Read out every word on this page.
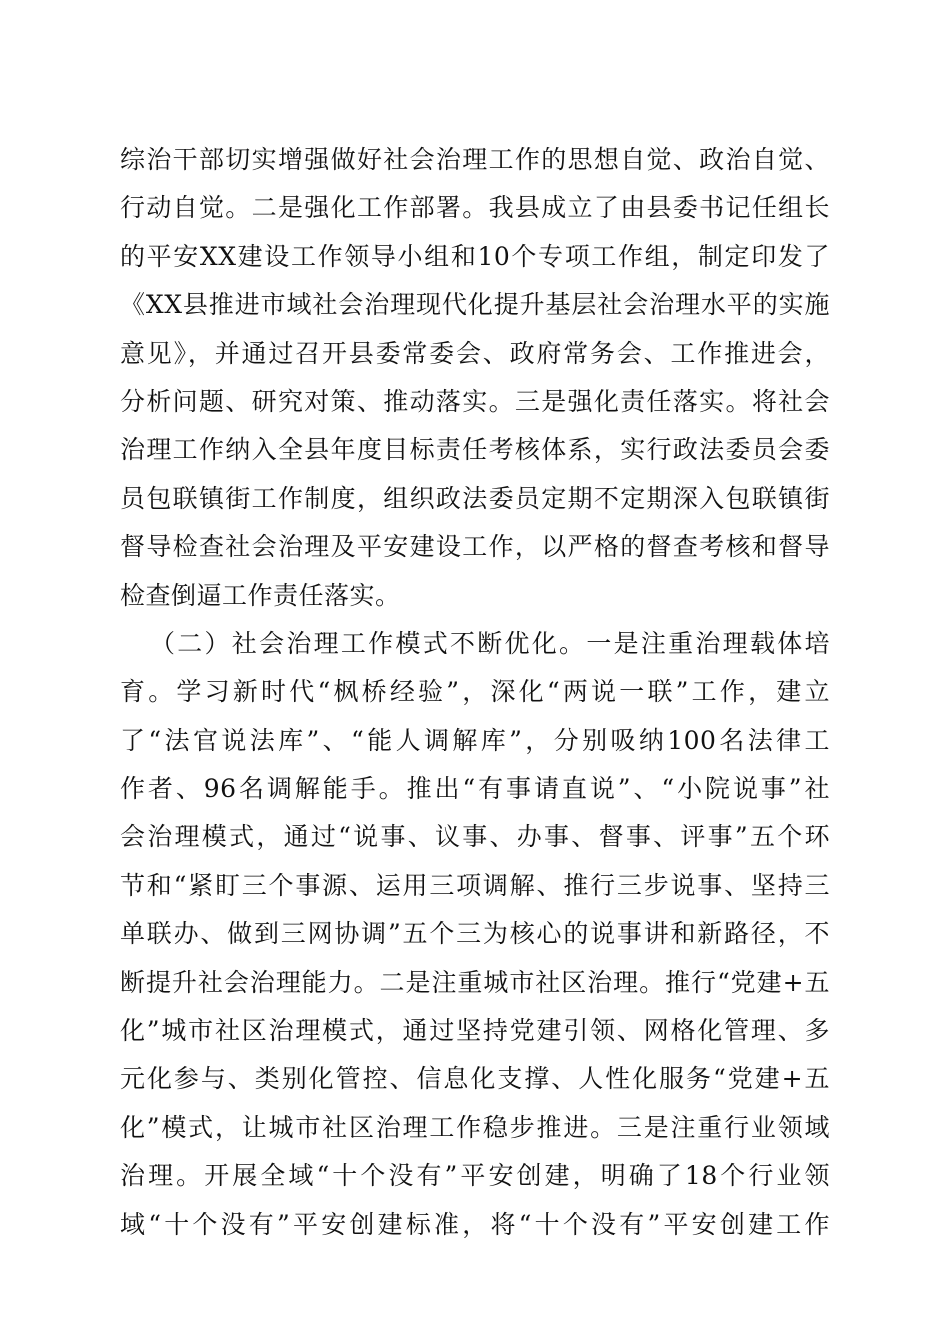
综治干部切实增强做好社会治理工作的思想自觉、政治自觉、
行动自觉。二是强化工作部署。我县成立了由县委书记任组长
的平安XX建设工作领导小组和10个专项工作组，制定印发了
《XX县推进市域社会治理现代化提升基层社会治理水平的实施
意见》，并通过召开县委常委会、政府常务会、工作推进会，
分析问题、研究对策、推动落实。三是强化责任落实。将社会
治理工作纳入全县年度目标责任考核体系，实行政法委员会委
员包联镇街工作制度，组织政法委员定期不定期深入包联镇街
督导检查社会治理及平安建设工作，以严格的督查考核和督导
检查倒逼工作责任落实。
（二）社会治理工作模式不断优化。一是注重治理载体培
育。学习新时代“枫桥经验”，深化“两说一联”工作，建立
了“法官说法库”、“能人调解库”，分别吸纳100名法律工
作者、96名调解能手。推出“有事请直说”、“小院说事”社
会治理模式，通过“说事、议事、办事、督事、评事”五个环
节和“紧盯三个事源、运用三项调解、推行三步说事、坚持三
单联办、做到三网协调”五个三为核心的说事讲和新路径，不
断提升社会治理能力。二是注重城市社区治理。推行“党建+五
化”城市社区治理模式，通过坚持党建引领、网格化管理、多
元化参与、类别化管控、信息化支撑、人性化服务“党建+五
化”模式，让城市社区治理工作稳步推进。三是注重行业领域
治理。开展全域“十个没有”平安创建，明确了18个行业领
域“十个没有”平安创建标准，将“十个没有”平安创建工作
